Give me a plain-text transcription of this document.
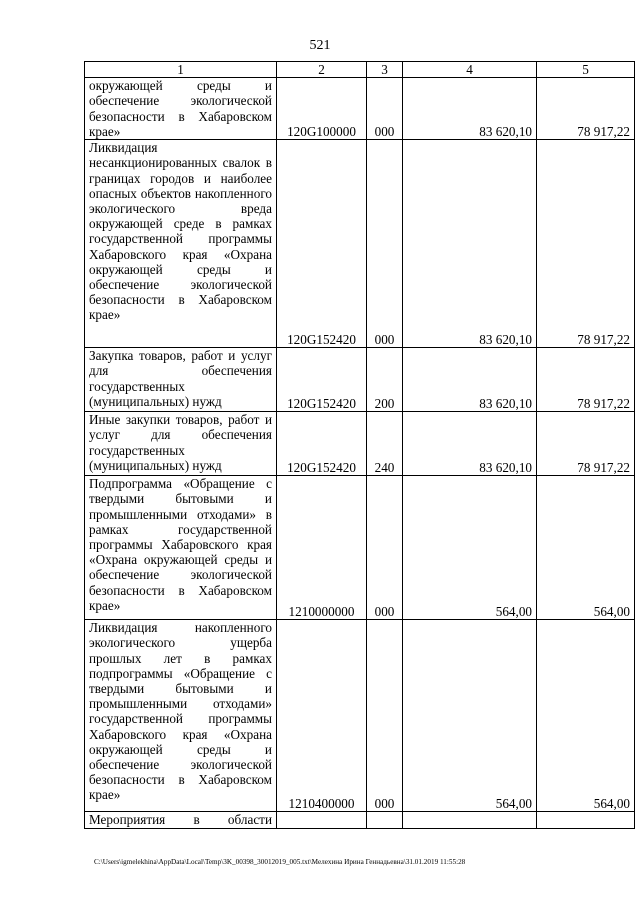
521
1	2	3	4	5
окружающей среды и обеспечение экологической безопасности в Хабаровском крае»	120G100000	000	83 620,10	78 917,22
Ликвидация несанкционированных свалок в границах городов и наиболее опасных объектов накопленного экологического вреда окружающей среде в рамках государственной программы Хабаровского края «Охрана окружающей среды и обеспечение экологической безопасности в Хабаровском крае»	120G152420	000	83 620,10	78 917,22
Закупка товаров, работ и услуг для обеспечения государственных (муниципальных) нужд	120G152420	200	83 620,10	78 917,22
Иные закупки товаров, работ и услуг для обеспечения государственных (муниципальных) нужд	120G152420	240	83 620,10	78 917,22
Подпрограмма «Обращение с твердыми бытовыми и промышленными отходами» в рамках государственной программы Хабаровского края «Охрана окружающей среды и обеспечение экологической безопасности в Хабаровском крае»	1210000000	000	564,00	564,00
Ликвидация накопленного экологического ущерба прошлых лет в рамках подпрограммы «Обращение с твердыми бытовыми и промышленными отходами» государственной программы Хабаровского края «Охрана окружающей среды и обеспечение экологической безопасности в Хабаровском крае»	1210400000	000	564,00	564,00
Мероприятия в области				
C:\Users\igmelekhina\AppData\Local\Temp\3K_00398_30012019_005.txt\Мелехина Ирина Геннадьевна\31.01.2019 11:55:28
